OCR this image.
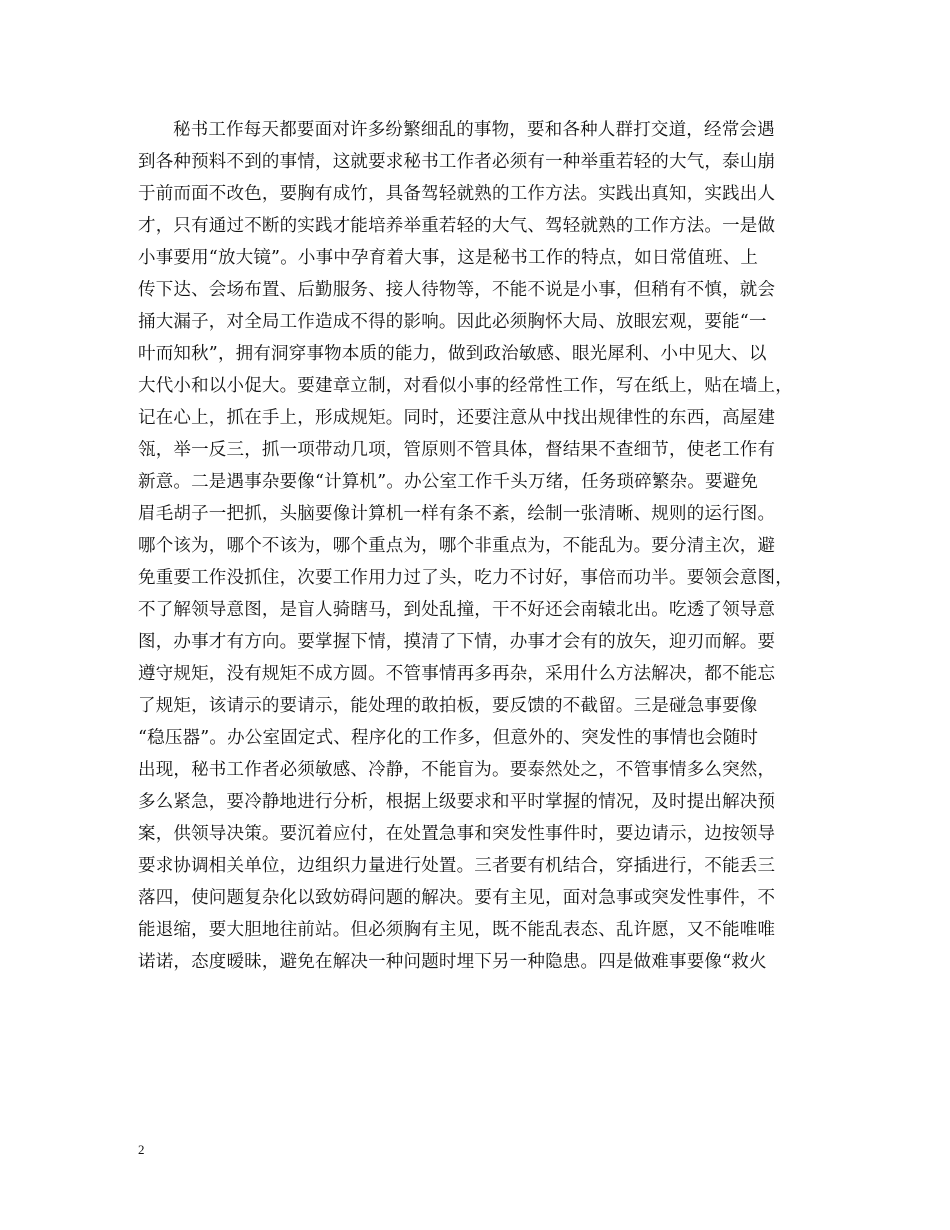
秘书工作每天都要面对许多纷繁细乱的事物，要和各种人群打交道，经常会遇
到各种预料不到的事情，这就要求秘书工作者必须有一种举重若轻的大气，泰山崩
于前而面不改色，要胸有成竹，具备驾轻就熟的工作方法。实践出真知，实践出人
才，只有通过不断的实践才能培养举重若轻的大气、驾轻就熟的工作方法。一是做
小事要用“放大镜”。小事中孕育着大事，这是秘书工作的特点，如日常值班、上
传下达、会场布置、后勤服务、接人待物等，不能不说是小事，但稍有不慎，就会
捅大漏子，对全局工作造成不得的影响。因此必须胸怀大局、放眼宏观，要能“一
叶而知秋”，拥有洞穿事物本质的能力，做到政治敏感、眼光犀利、小中见大、以
大代小和以小促大。要建章立制，对看似小事的经常性工作，写在纸上，贴在墙上，
记在心上，抓在手上，形成规矩。同时，还要注意从中找出规律性的东西，高屋建
瓴，举一反三，抓一项带动几项，管原则不管具体，督结果不查细节，使老工作有
新意。二是遇事杂要像“计算机”。办公室工作千头万绪，任务琐碎繁杂。要避免
眉毛胡子一把抓，头脑要像计算机一样有条不紊，绘制一张清晰、规则的运行图。
哪个该为，哪个不该为，哪个重点为，哪个非重点为，不能乱为。要分清主次，避
免重要工作没抓住，次要工作用力过了头，吃力不讨好，事倍而功半。要领会意图，
不了解领导意图，是盲人骑瞎马，到处乱撞，干不好还会南辕北出。吃透了领导意
图，办事才有方向。要掌握下情，摸清了下情，办事才会有的放矢，迎刃而解。要
遵守规矩，没有规矩不成方圆。不管事情再多再杂，采用什么方法解决，都不能忘
了规矩，该请示的要请示，能处理的敢拍板，要反馈的不截留。三是碰急事要像
“稳压器”。办公室固定式、程序化的工作多，但意外的、突发性的事情也会随时
出现，秘书工作者必须敏感、冷静，不能盲为。要泰然处之，不管事情多么突然，
多么紧急，要冷静地进行分析，根据上级要求和平时掌握的情况，及时提出解决预
案，供领导决策。要沉着应付，在处置急事和突发性事件时，要边请示，边按领导
要求协调相关单位，边组织力量进行处置。三者要有机结合，穿插进行，不能丢三
落四，使问题复杂化以致妨碍问题的解决。要有主见，面对急事或突发性事件，不
能退缩，要大胆地往前站。但必须胸有主见，既不能乱表态、乱许愿，又不能唯唯
诺诺，态度暧昧，避免在解决一种问题时埋下另一种隐患。四是做难事要像“救火
2
